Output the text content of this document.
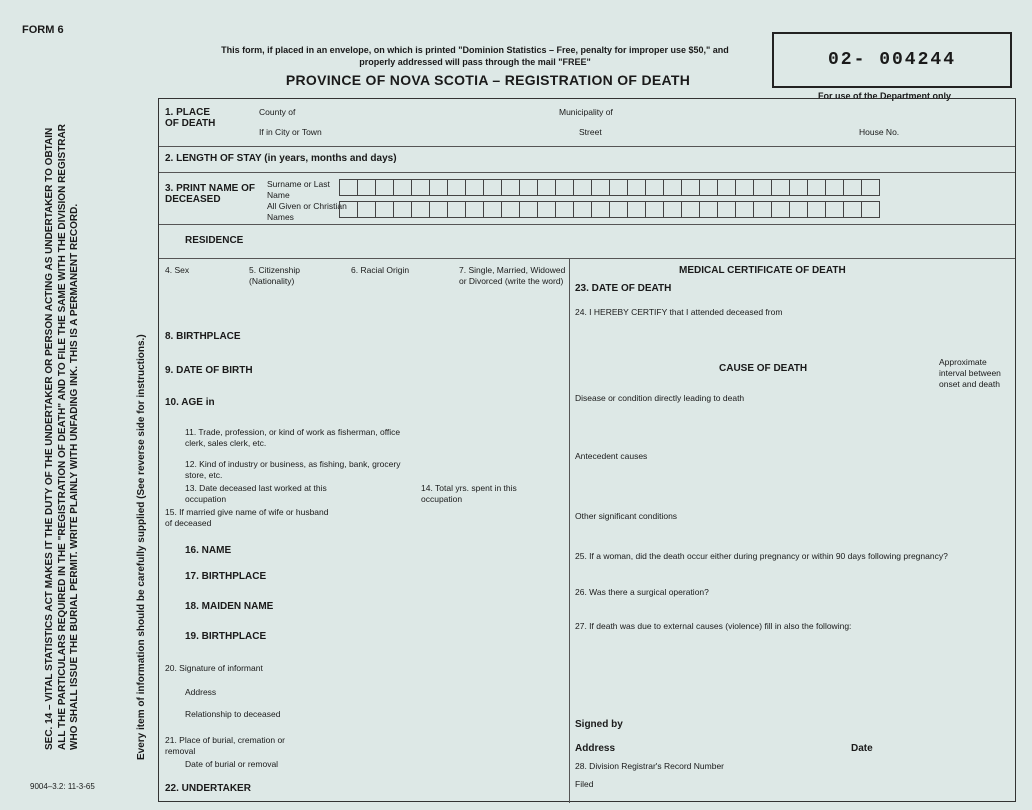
FORM 6
02- 004244
For use of the Department only
This form, if placed in an envelope, on which is printed "Dominion Statistics – Free, penalty for improper use $50," and properly addressed will pass through the mail "FREE"
PROVINCE OF NOVA SCOTIA – REGISTRATION OF DEATH
SEC. 14 – VITAL STATISTICS ACT MAKES IT THE DUTY OF THE UNDERTAKER OR PERSON ACTING AS UNDERTAKER TO OBTAIN ALL THE PARTICULARS REQUIRED IN THE "REGISTRATION OF DEATH" AND TO FILE THE SAME WITH THE DIVISION REGISTRAR WHO SHALL ISSUE THE BURIAL PERMIT. WRITE PLAINLY WITH UNFADING INK. THIS IS A PERMANENT RECORD.	Every item of information should be carefully supplied (See reverse side for instructions.)
1. PLACE OF DEATH
County of	Municipality of
If in City or Town	Street	House No.
2. LENGTH OF STAY (in years, months and days)
3. PRINT NAME OF DECEASED
Surname or Last Name
All Given or Christian Names
RESIDENCE
4. Sex	5. Citizenship (Nationality)
6. Racial Origin	7. Single, Married, Widowed or Divorced (write the word)
8. BIRTHPLACE
9. DATE OF BIRTH
10. AGE in
11. Trade, profession, or kind of work as fisherman, office clerk, sales clerk, etc.
12. Kind of industry or business, as fishing, bank, grocery store, etc.
13. Date deceased last worked at this occupation
14. Total yrs. spent in this occupation
15. If married give name of wife or husband of deceased
16. NAME
17. BIRTHPLACE
18. MAIDEN NAME
19. BIRTHPLACE
20. Signature of informant
Address
Relationship to deceased
21. Place of burial, cremation or removal
Date of burial or removal
22. UNDERTAKER
MEDICAL CERTIFICATE OF DEATH
23. DATE OF DEATH
24. I HEREBY CERTIFY that I attended deceased from
CAUSE OF DEATH
Approximate interval between onset and death
Disease or condition directly leading to death
Antecedent causes
Other significant conditions
25. If a woman, did the death occur either during pregnancy or within 90 days following pregnancy?
26. Was there a surgical operation?
27. If death was due to external causes (violence) fill in also the following:
Signed by
Address	Date
28. Division Registrar's Record Number
Filed
9004–3.2: 11-3-65
